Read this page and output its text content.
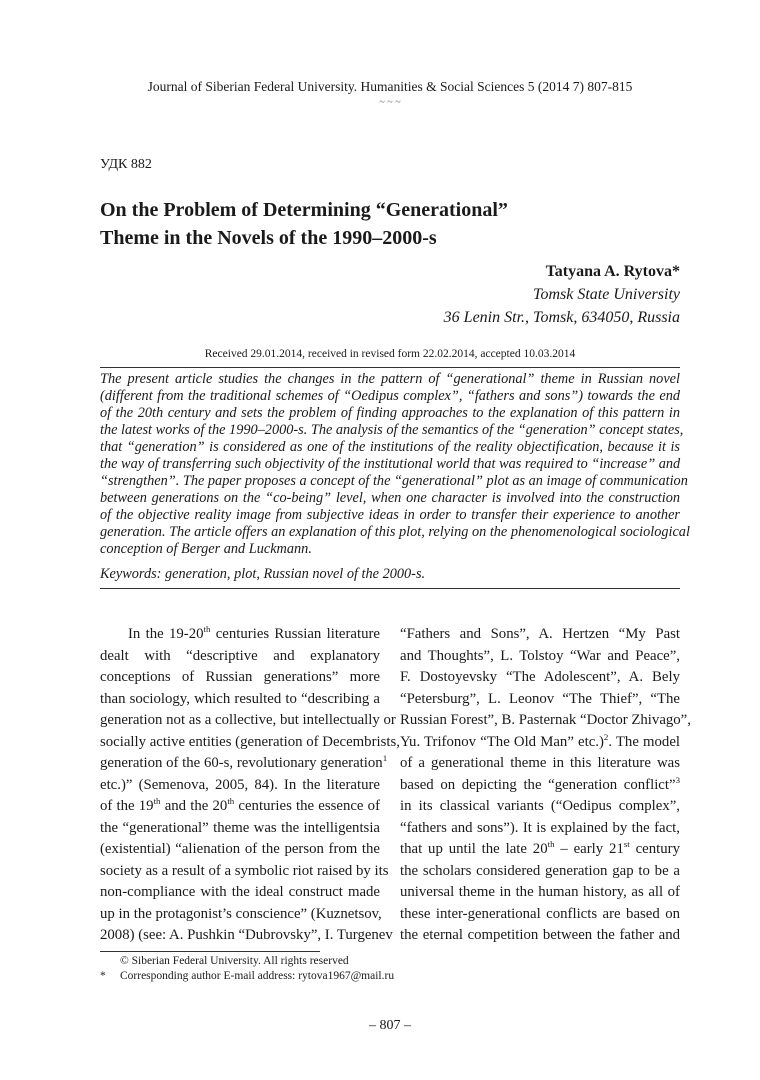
Journal of Siberian Federal University. Humanities & Social Sciences 5 (2014 7) 807-815
~ ~ ~
УДК 882
On the Problem of Determining “Generational”
Theme in the Novels of the 1990–2000-s
Tatyana A. Rytova*
Tomsk State University
36 Lenin Str., Tomsk, 634050, Russia
Received 29.01.2014, received in revised form 22.02.2014, accepted 10.03.2014
The present article studies the changes in the pattern of “generational” theme in Russian novel
(different from the traditional schemes of “Oedipus complex”, “fathers and sons”) towards the end
of the 20th century and sets the problem of finding approaches to the explanation of this pattern in
the latest works of the 1990–2000-s. The analysis of the semantics of the “generation” concept states,
that “generation” is considered as one of the institutions of the reality objectification, because it is
the way of transferring such objectivity of the institutional world that was required to “increase” and
“strengthen”. The paper proposes a concept of the “generational” plot as an image of communication
between generations on the “co-being” level, when one character is involved into the construction
of the objective reality image from subjective ideas in order to transfer their experience to another
generation. The article offers an explanation of this plot, relying on the phenomenological sociological
conception of Berger and Luckmann.
Keywords: generation, plot, Russian novel of the 2000-s.
In the 19-20th centuries Russian literature
dealt with “descriptive and explanatory
conceptions of Russian generations” more
than sociology, which resulted to “describing a
generation not as a collective, but intellectually or
socially active entities (generation of Decembrists,
generation of the 60-s, revolutionary generation$^1$
etc.)” (Semenova, 2005, 84). In the literature
of the 19th and the 20th centuries the essence of
the “generational” theme was the intelligentsia
(existential) “alienation of the person from the
society as a result of a symbolic riot raised by its
non-compliance with the ideal construct made
up in the protagonist’s conscience” (Kuznetsov,
2008) (see: A. Pushkin “Dubrovsky”, I. Turgenev
“Fathers and Sons”, A. Hertzen “My Past
and Thoughts”, L. Tolstoy “War and Peace”,
F. Dostoyevsky “The Adolescent”, A. Bely
“Petersburg”, L. Leonov “The Thief”, “The
Russian Forest”, B. Pasternak “Doctor Zhivago”,
Yu. Trifonov “The Old Man” etc.)$^2$. The model
of a generational theme in this literature was
based on depicting the “generation conflict”$^3$
in its classical variants (“Oedipus complex”,
“fathers and sons”). It is explained by the fact,
that up until the late 20th – early 21st century
the scholars considered generation gap to be a
universal theme in the human history, as all of
these inter-generational conflicts are based on
the eternal competition between the father and
© Siberian Federal University. All rights reserved
* Corresponding author E-mail address: rytova1967@mail.ru
– 807 –
